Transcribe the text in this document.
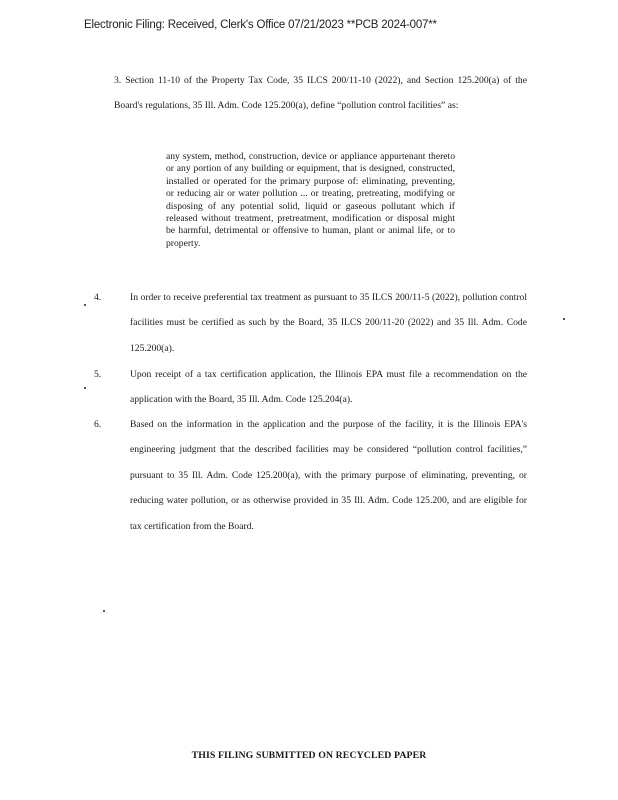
Electronic Filing: Received, Clerk's Office 07/21/2023 **PCB 2024-007**

3. Section 11-10 of the Property Tax Code, 35 ILCS 200/11-10 (2022), and Section 125.200(a) of the Board's regulations, 35 Ill. Adm. Code 125.200(a), define “pollution control facilities” as:

any system, method, construction, device or appliance appurtenant thereto or any portion of any building or equipment, that is designed, constructed, installed or operated for the primary purpose of: eliminating, preventing, or reducing air or water pollution ... or treating, pretreating, modifying or disposing of any potential solid, liquid or gaseous pollutant which if released without treatment, pretreatment, modification or disposal might be harmful, detrimental or offensive to human, plant or animal life, or to property.

4.	In order to receive preferential tax treatment as pursuant to 35 ILCS 200/11-5 (2022), pollution control facilities must be certified as such by the Board, 35 ILCS 200/11-20 (2022) and 35 Ill. Adm. Code 125.200(a).
5.	Upon receipt of a tax certification application, the Illinois EPA must file a recommendation on the application with the Board, 35 Ill. Adm. Code 125.204(a).
6.	Based on the information in the application and the purpose of the facility, it is the Illinois EPA's engineering judgment that the described facilities may be considered “pollution control facilities,” pursuant to 35 Ill. Adm. Code 125.200(a), with the primary purpose of eliminating, preventing, or reducing water pollution, or as otherwise provided in 35 Ill. Adm. Code 125.200, and are eligible for tax certification from the Board.
THIS FILING SUBMITTED ON RECYCLED PAPER
